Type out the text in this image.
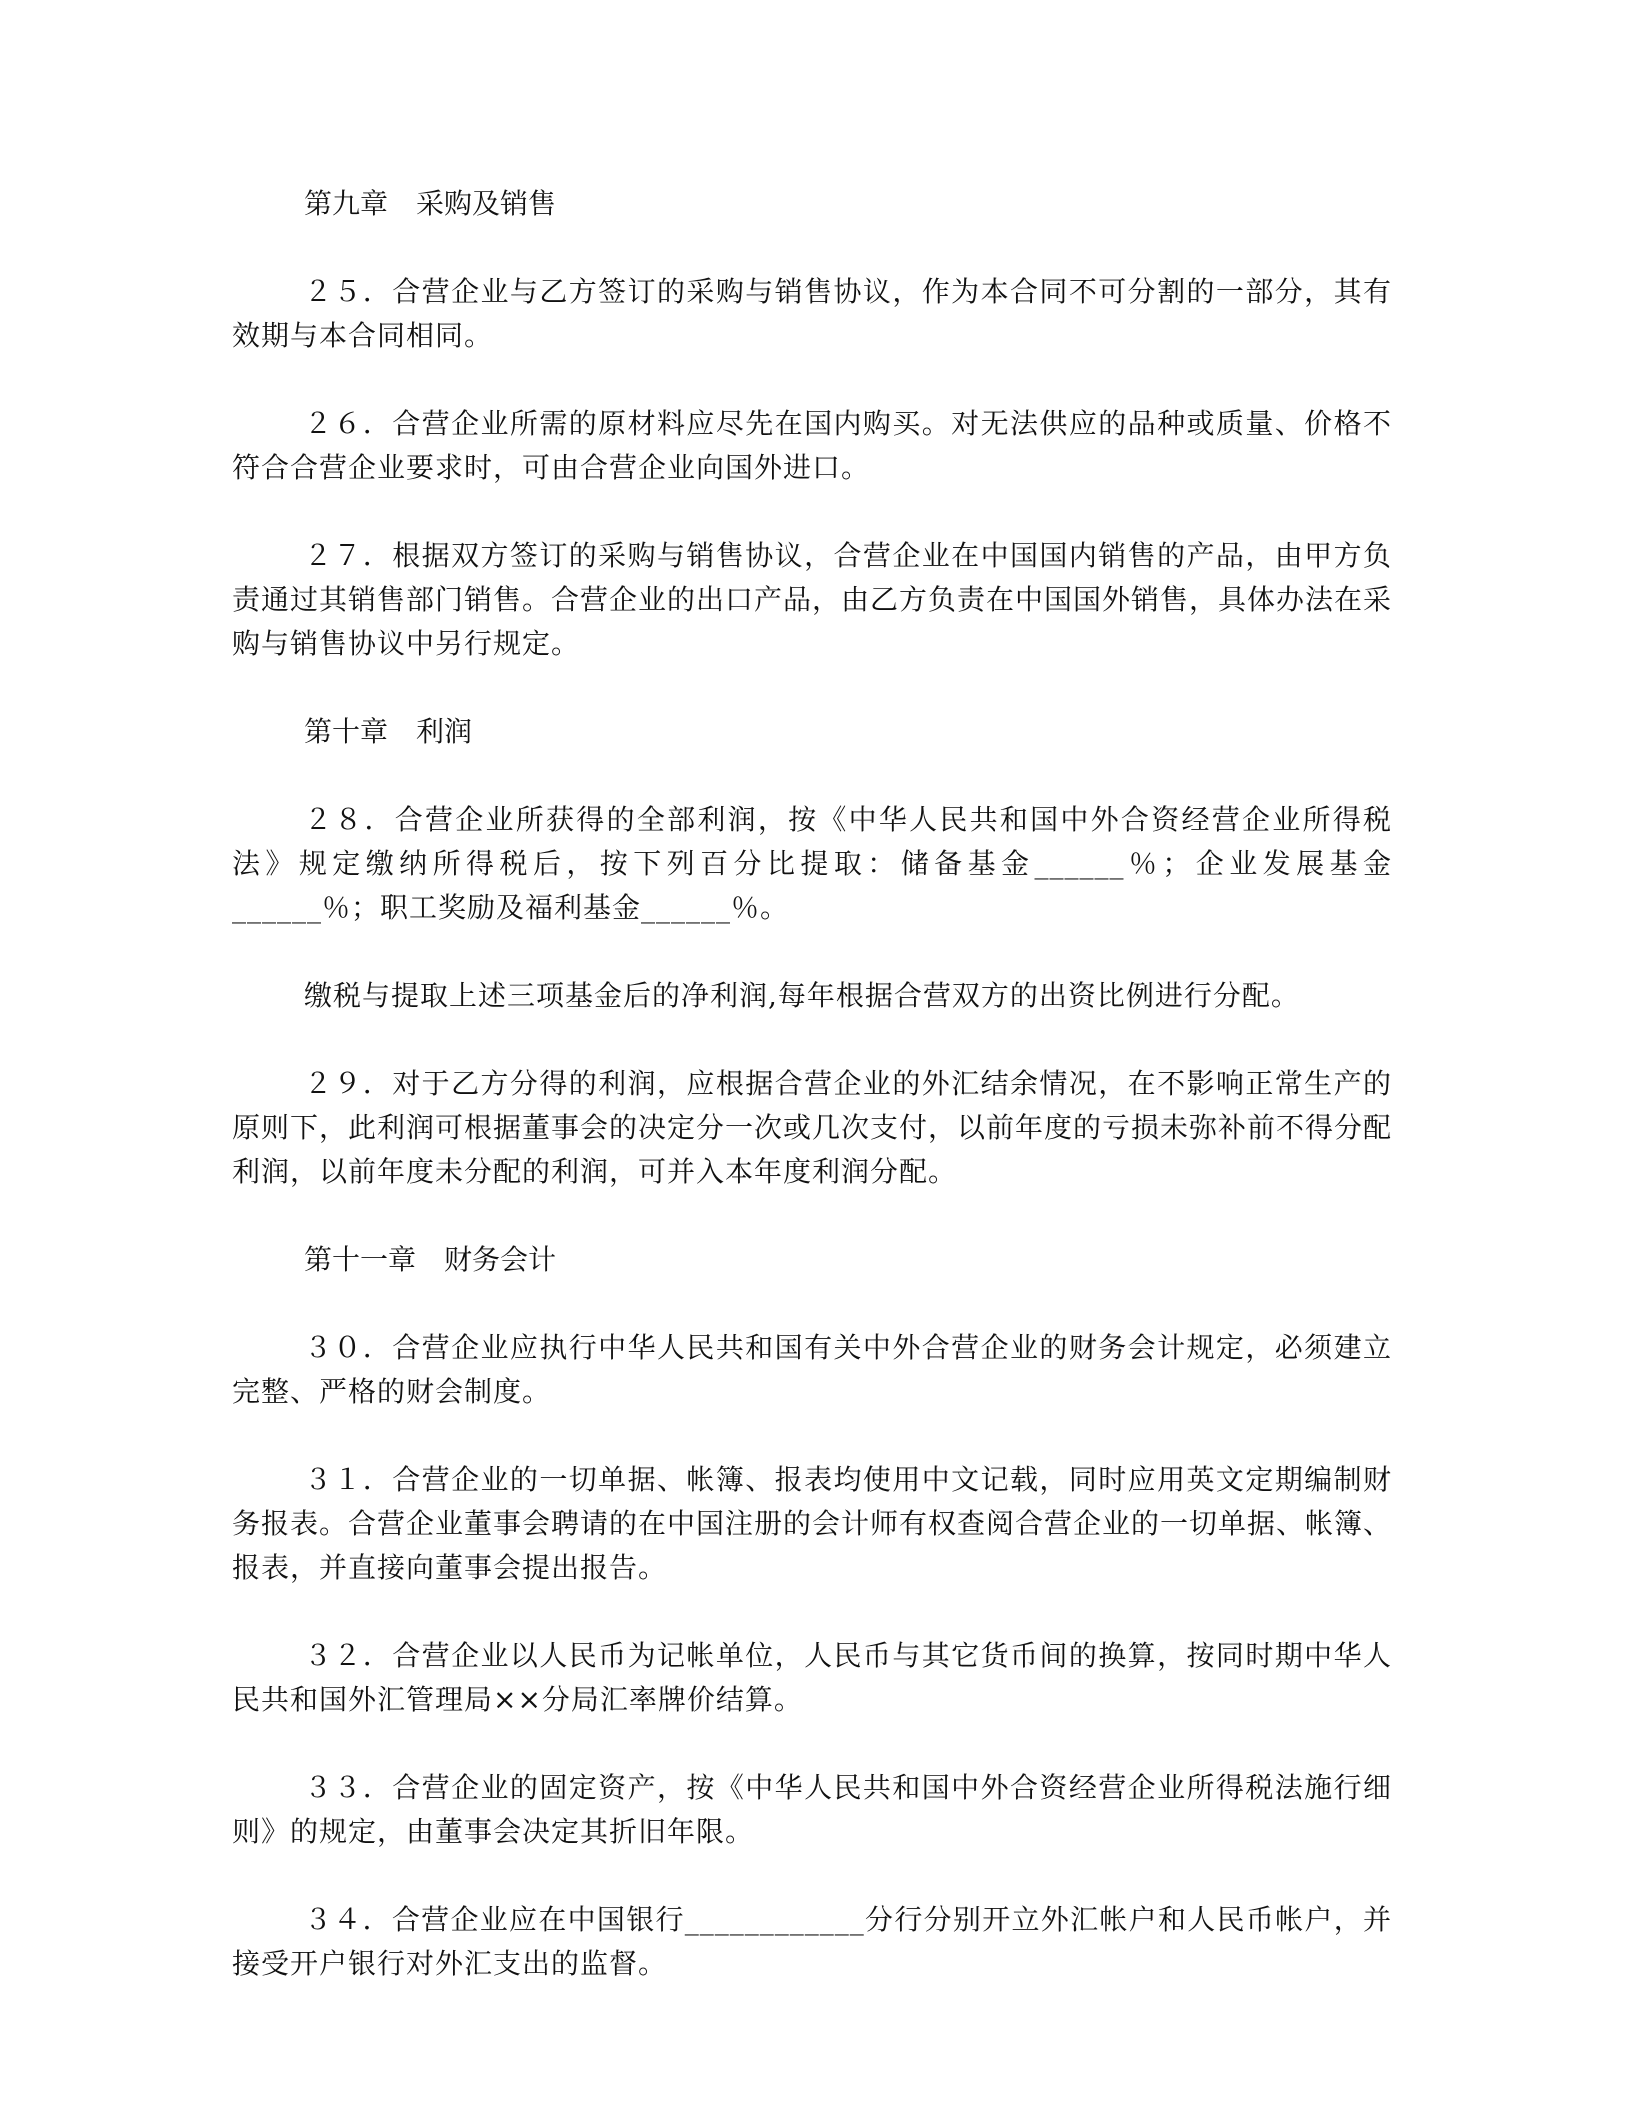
第九章　采购及销售
２５．合营企业与乙方签订的采购与销售协议，作为本合同不可分割的一部分，其有效期与本合同相同。
２６．合营企业所需的原材料应尽先在国内购买。对无法供应的品种或质量、价格不符合合营企业要求时，可由合营企业向国外进口。
２７．根据双方签订的采购与销售协议，合营企业在中国国内销售的产品，由甲方负责通过其销售部门销售。合营企业的出口产品，由乙方负责在中国国外销售，具体办法在采购与销售协议中另行规定。
第十章　利润
２８．合营企业所获得的全部利润，按《中华人民共和国中外合资经营企业所得税法》规定缴纳所得税后，按下列百分比提取：储备基金______％；企业发展基金______％；职工奖励及福利基金______％。
缴税与提取上述三项基金后的净利润,每年根据合营双方的出资比例进行分配。
２９．对于乙方分得的利润，应根据合营企业的外汇结余情况，在不影响正常生产的原则下，此利润可根据董事会的决定分一次或几次支付，以前年度的亏损未弥补前不得分配利润，以前年度未分配的利润，可并入本年度利润分配。
第十一章　财务会计
３０．合营企业应执行中华人民共和国有关中外合营企业的财务会计规定，必须建立完整、严格的财会制度。
３１．合营企业的一切单据、帐簿、报表均使用中文记载，同时应用英文定期编制财务报表。合营企业董事会聘请的在中国注册的会计师有权查阅合营企业的一切单据、帐簿、报表，并直接向董事会提出报告。
３２．合营企业以人民币为记帐单位，人民币与其它货币间的换算，按同时期中华人民共和国外汇管理局××分局汇率牌价结算。
３３．合营企业的固定资产，按《中华人民共和国中外合资经营企业所得税法施行细则》的规定，由董事会决定其折旧年限。
３４．合营企业应在中国银行____________分行分别开立外汇帐户和人民币帐户，并接受开户银行对外汇支出的监督。
